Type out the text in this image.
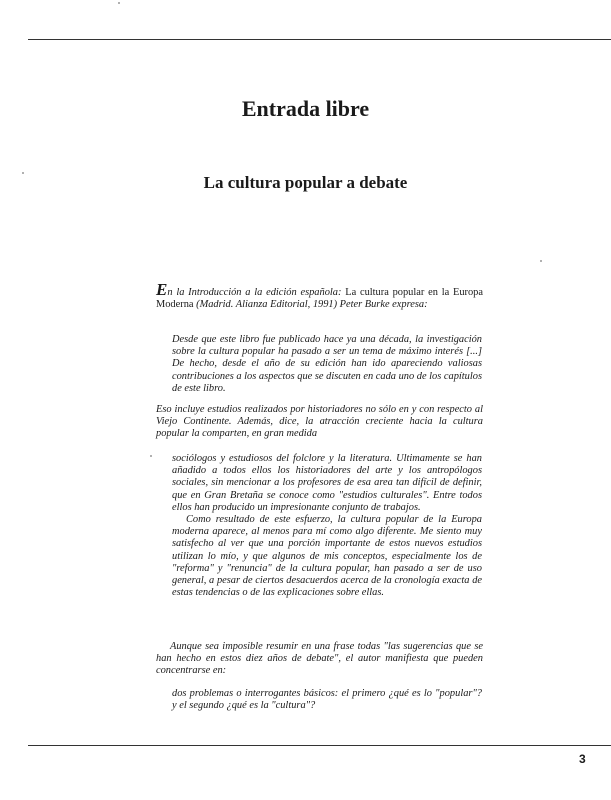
Entrada libre
La cultura popular a debate
En la Introducción a la edición española: La cultura popular en la Europa Moderna (Madrid. Alianza Editorial, 1991) Peter Burke expresa:
Desde que este libro fue publicado hace ya una década, la investigación sobre la cultura popular ha pasado a ser un tema de máximo interés [...] De hecho, desde el año de su edición han ido apareciendo valiosas contribuciones a los aspectos que se discuten en cada uno de los capítulos de este libro.
Eso incluye estudios realizados por historiadores no sólo en y con respecto al Viejo Continente. Además, dice, la atracción creciente hacia la cultura popular la comparten, en gran medida
sociólogos y estudiosos del folclore y la literatura. Ultimamente se han añadido a todos ellos los historiadores del arte y los antropólogos sociales, sin mencionar a los profesores de esa area tan difícil de definir, que en Gran Bretaña se conoce como "estudios culturales". Entre todos ellos han producido un impresionante conjunto de trabajos.
Como resultado de este esfuerzo, la cultura popular de la Europa moderna aparece, al menos para mí como algo diferente. Me siento muy satisfecho al ver que una porción importante de estos nuevos estudios utilizan lo mío, y que algunos de mis conceptos, especialmente los de "reforma" y "renuncia" de la cultura popular, han pasado a ser de uso general, a pesar de ciertos desacuerdos acerca de la cronología exacta de estas tendencias o de las explicaciones sobre ellas.
Aunque sea imposible resumir en una frase todas "las sugerencias que se han hecho en estos diez años de debate", el autor manifiesta que pueden concentrarse en:
dos problemas o interrogantes básicos: el primero ¿qué es lo "popular"? y el segundo ¿qué es la "cultura"?
3
